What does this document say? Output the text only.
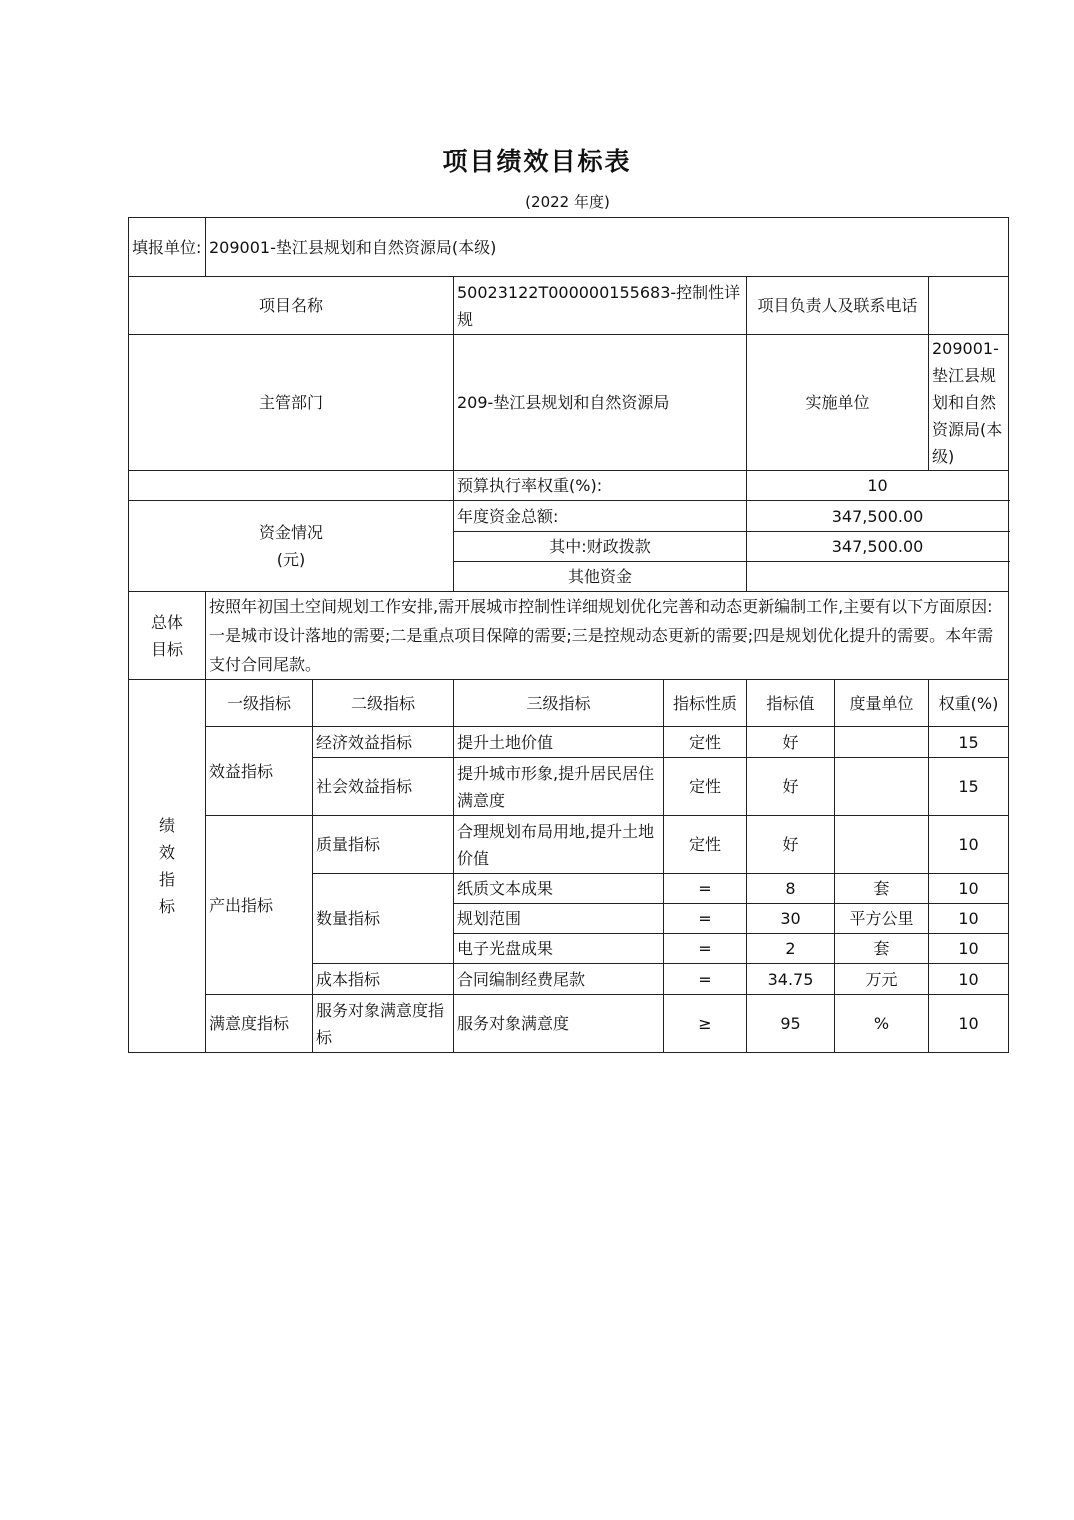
项目绩效目标表
(2022 年度)
填报单位:	209001-垫江县规划和自然资源局(本级)						
项目名称			50023122T000000155683-控制性详规		项目负责人及联系电话		
主管部门			209-垫江县规划和自然资源局		实施单位		209001-垫江县规划和自然资源局(本级)
			预算执行率权重(%):		10		

资金情况
(元)			年度资金总额:		347,500.00		
			其中:财政拨款		347,500.00		
			其他资金				

总体
目标	按照年初国土空间规划工作安排,需开展城市控制性详细规划优化完善和动态更新编制工作,主要有以下方面原因:一是城市设计落地的需要;二是重点项目保障的需要;三是控规动态更新的需要;四是规划优化提升的需要。本年需支付合同尾款。						

绩
效
指
标	一级指标	二级指标	三级指标	指标性质	指标值	度量单位	权重(%)
	效益指标	经济效益指标	提升土地价值	定性	好		15
		社会效益指标	提升城市形象,提升居民居住满意度	定性	好		15
	产出指标	质量指标	合理规划布局用地,提升土地价值	定性	好		10
		数量指标	纸质文本成果	=	8	套	10
			规划范围	=	30	平方公里	10
			电子光盘成果	=	2	套	10
		成本指标	合同编制经费尾款	=	34.75	万元	10
	满意度指标	服务对象满意度指标	服务对象满意度	≥	95	%	10
